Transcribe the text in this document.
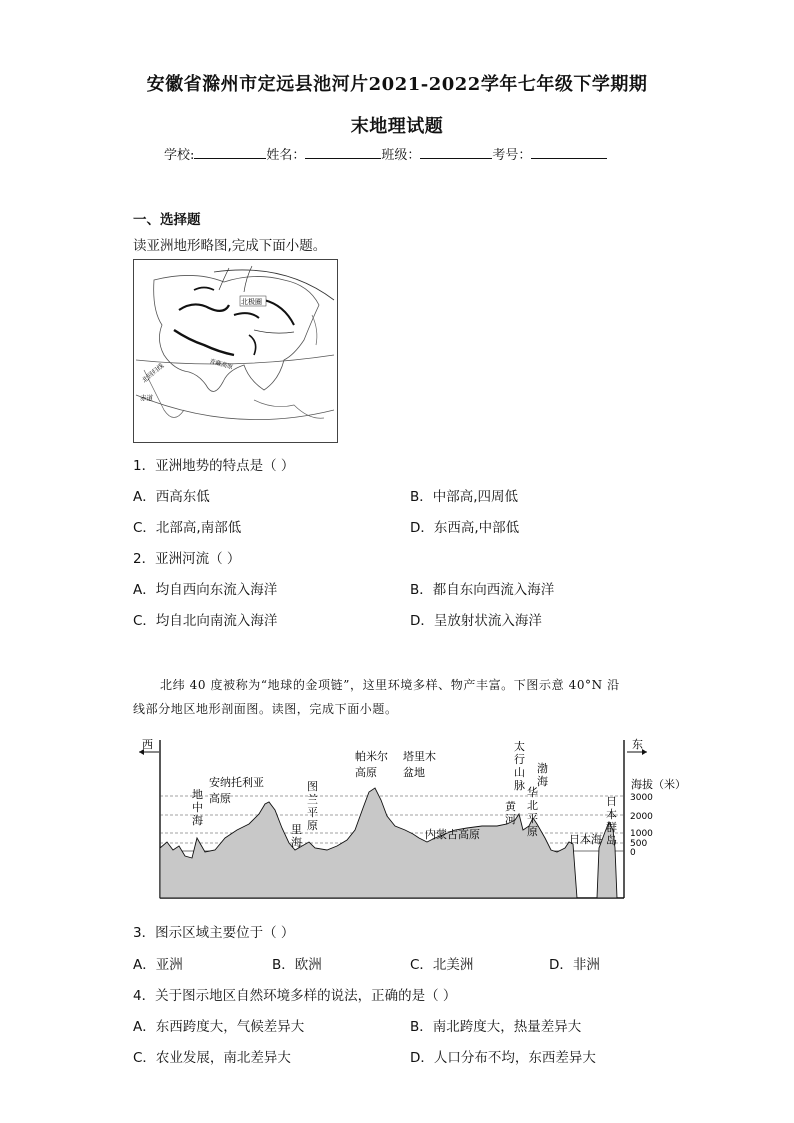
安徽省滁州市定远县池河片2021-2022学年七年级下学期期
末地理试题
学校:	姓名：	班级：	考号：
一、选择题
读亚洲地形略图,完成下面小题。
北极圈
北回归线
赤道
青藏高原
1．亚洲地势的特点是（ ）
A．西高东低	B．中部高,四周低
C．北部高,南部低	D．东西高,中部低
2．亚洲河流（ ）
A．均自西向东流入海洋	B．都自东向西流入海洋
C．均自北向南流入海洋	D．呈放射状流入海洋
北纬 40 度被称为“地球的金项链”，这里环境多样、物产丰富。下图示意 40°N 沿
线部分地区地形剖面图。读图，完成下面小题。
西	东
3000
2000
1000
500
0
海拔（米）
地中海
里海
图兰平原
太行山脉
黄河
华北平原
渤海
日本群岛
安纳托利亚高原
帕米尔高原
塔里木盆地
内蒙古高原	日本海
3．图示区域主要位于（ ）
A．亚洲	B．欧洲	C．北美洲	D．非洲
4．关于图示地区自然环境多样的说法，正确的是（ ）
A．东西跨度大，气候差异大	B．南北跨度大，热量差异大
C．农业发展，南北差异大	D．人口分布不均，东西差异大
